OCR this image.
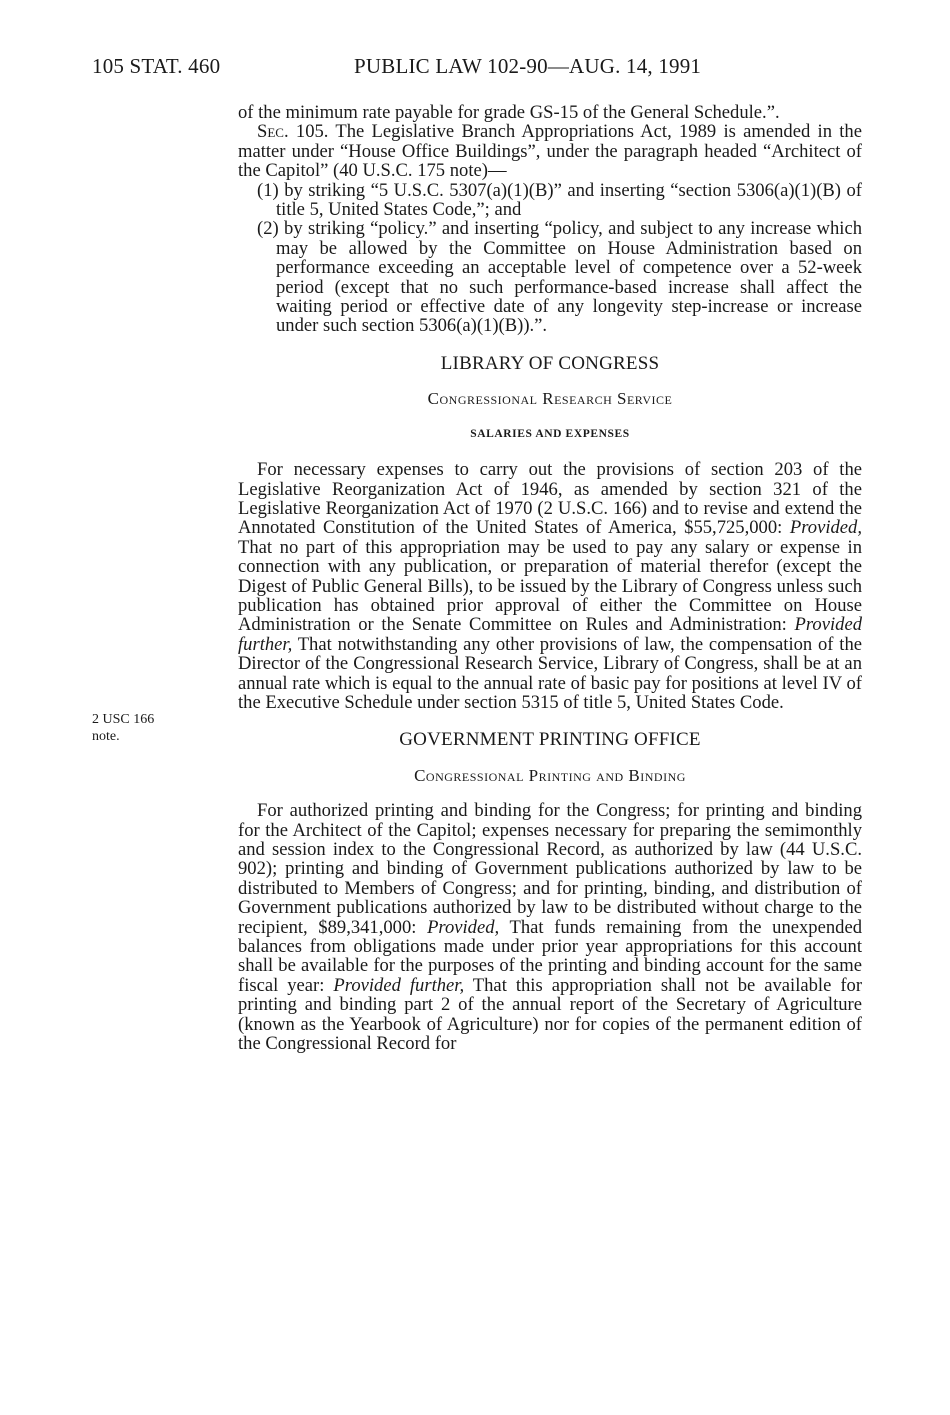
105 STAT. 460	PUBLIC LAW 102-90—AUG. 14, 1991
2 USC 166
note.

of the minimum rate payable for grade GS-15 of the General Schedule.”.

Sec. 105. The Legislative Branch Appropriations Act, 1989 is amended in the matter under “House Office Buildings”, under the paragraph headed “Architect of the Capitol” (40 U.S.C. 175 note)—

(1) by striking “5 U.S.C. 5307(a)(1)(B)” and inserting “section 5306(a)(1)(B) of title 5, United States Code,”; and

(2) by striking “policy.” and inserting “policy, and subject to any increase which may be allowed by the Committee on House Administration based on performance exceeding an acceptable level of competence over a 52-week period (except that no such performance-based increase shall affect the waiting period or effective date of any longevity step-increase or increase under such section 5306(a)(1)(B)).”.

LIBRARY OF CONGRESS
Congressional Research Service
SALARIES AND EXPENSES

For necessary expenses to carry out the provisions of section 203 of the Legislative Reorganization Act of 1946, as amended by section 321 of the Legislative Reorganization Act of 1970 (2 U.S.C. 166) and to revise and extend the Annotated Constitution of the United States of America, $55,725,000: Provided, That no part of this appropriation may be used to pay any salary or expense in connection with any publication, or preparation of material therefor (except the Digest of Public General Bills), to be issued by the Library of Congress unless such publication has obtained prior approval of either the Committee on House Administration or the Senate Committee on Rules and Administration: Provided further, That notwithstanding any other provisions of law, the compensation of the Director of the Congressional Research Service, Library of Congress, shall be at an annual rate which is equal to the annual rate of basic pay for positions at level IV of the Executive Schedule under section 5315 of title 5, United States Code.

GOVERNMENT PRINTING OFFICE
Congressional Printing and Binding

For authorized printing and binding for the Congress; for printing and binding for the Architect of the Capitol; expenses necessary for preparing the semimonthly and session index to the Congressional Record, as authorized by law (44 U.S.C. 902); printing and binding of Government publications authorized by law to be distributed to Members of Congress; and for printing, binding, and distribution of Government publications authorized by law to be distributed without charge to the recipient, $89,341,000: Provided, That funds remaining from the unexpended balances from obligations made under prior year appropriations for this account shall be available for the purposes of the printing and binding account for the same fiscal year: Provided further, That this appropriation shall not be available for printing and binding part 2 of the annual report of the Secretary of Agriculture (known as the Yearbook of Agriculture) nor for copies of the permanent edition of the Congressional Record for
